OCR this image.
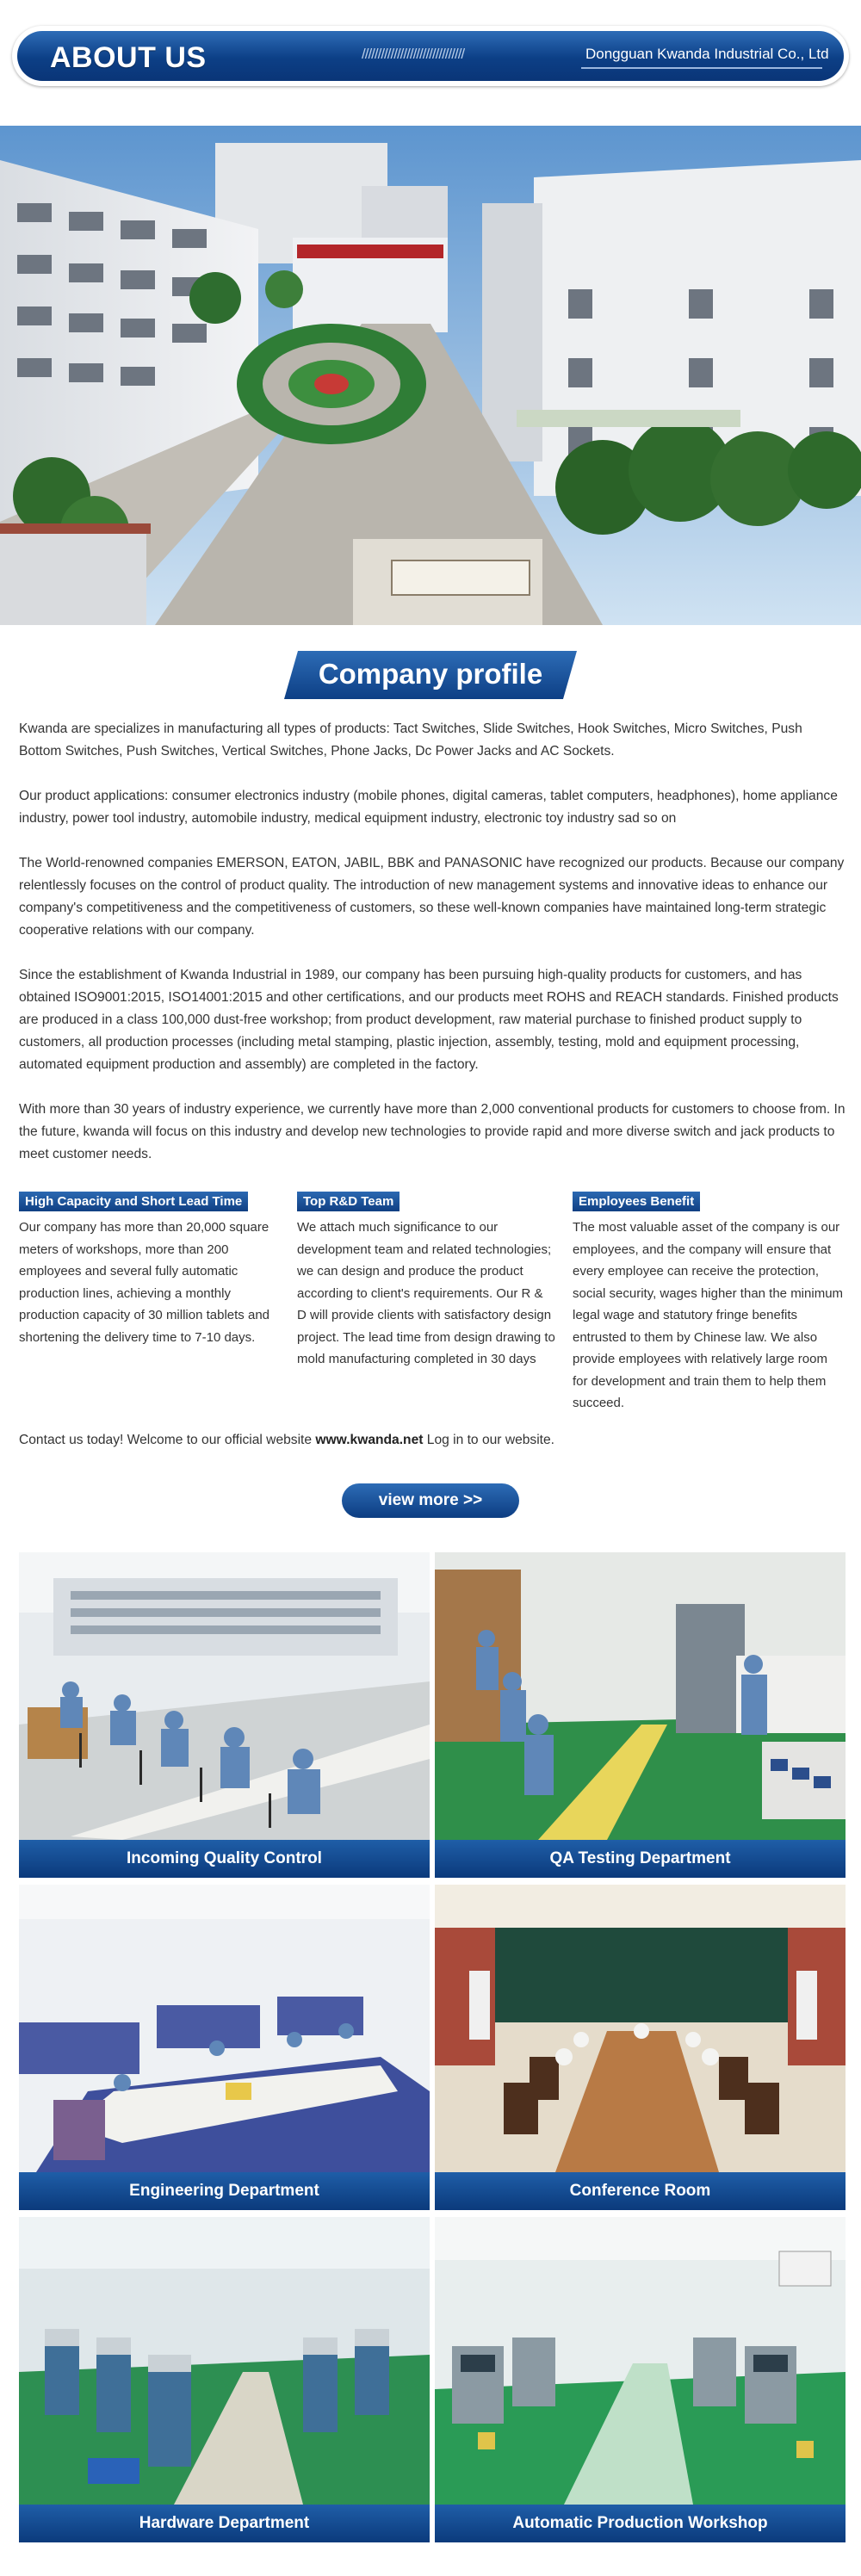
ABOUT US	////////////////////////////////	Dongguan Kwanda Industrial Co., Ltd
Company profile

Kwanda are specializes in manufacturing all types of products: Tact Switches, Slide Switches, Hook Switches, Micro Switches, Push Bottom Switches, Push Switches, Vertical Switches, Phone Jacks, Dc Power Jacks and AC Sockets.

Our product applications: consumer electronics industry (mobile phones, digital cameras, tablet computers, headphones), home appliance industry, power tool industry, automobile industry, medical equipment industry, electronic toy industry sad so on

The World-renowned companies EMERSON, EATON, JABIL, BBK and PANASONIC have recognized our products. Because our company relentlessly focuses on the control of product quality. The introduction of new management systems and innovative ideas to enhance our company's competitiveness and the competitiveness of customers, so these well-known companies have maintained long-term strategic cooperative relations with our company.

Since the establishment of Kwanda Industrial in 1989, our company has been pursuing high-quality products for customers, and has obtained ISO9001:2015, ISO14001:2015 and other certifications, and our products meet ROHS and REACH standards. Finished products are produced in a class 100,000 dust-free workshop; from product development, raw material purchase to finished product supply to customers, all production processes (including metal stamping, plastic injection, assembly, testing, mold and equipment processing, automated equipment production and assembly) are completed in the factory.

With more than 30 years of industry experience, we currently have more than 2,000 conventional products for customers to choose from. In the future, kwanda will focus on this industry and develop new technologies to provide rapid and more diverse switch and jack products to meet customer needs.

High Capacity and Short Lead Time
Our company has more than 20,000 square meters of workshops, more than 200 employees and several fully automatic production lines, achieving a monthly production capacity of 30 million tablets and shortening the delivery time to 7-10 days.
Top R&D Team
We attach much significance to our development team and related technologies; we can design and produce the product according to client's requirements. Our R & D will provide clients with satisfactory design project. The lead time from design drawing to mold manufacturing completed in 30 days
Employees Benefit
The most valuable asset of the company is our employees, and the company will ensure that every employee can receive the protection, social security, wages higher than the minimum legal wage and statutory fringe benefits entrusted to them by Chinese law. We also provide employees with relatively large room for development and train them to help them succeed.
Contact us today! Welcome to our official website www.kwanda.net Log in to our website.
view more >>
Incoming Quality Control	QA Testing Department
Engineering Department	Conference Room
Hardware Department	Automatic Production Workshop
